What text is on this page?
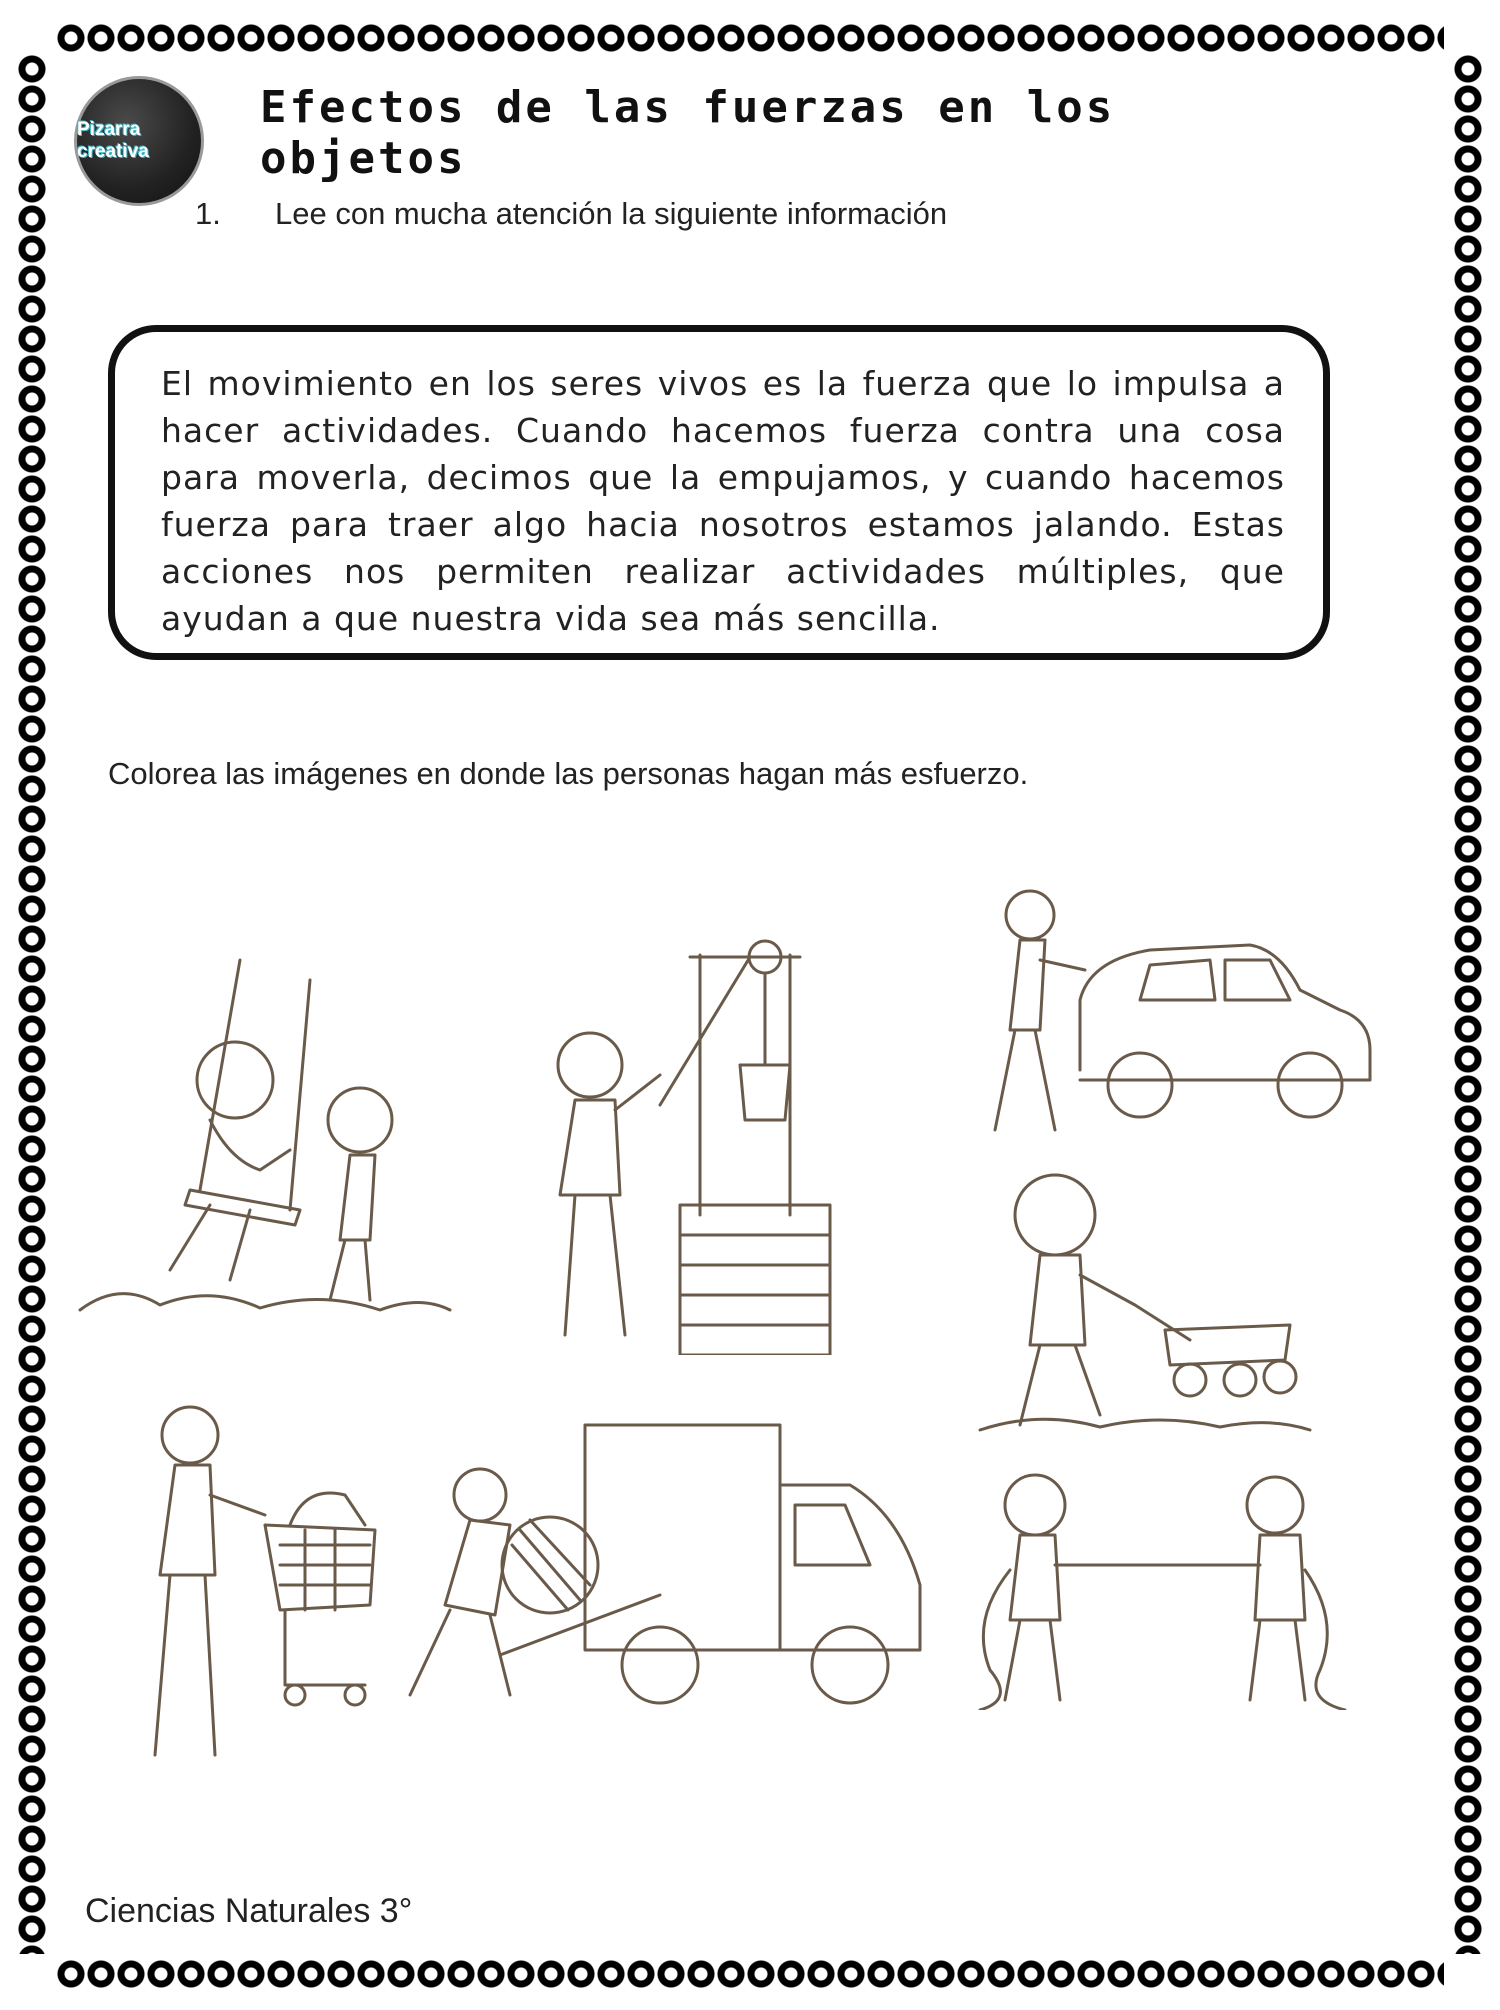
Pizarra creativa
Efectos de las fuerzas en los objetos
1. Lee con mucha atención la siguiente información

El movimiento en los seres vivos es la fuerza que lo impulsa a hacer actividades. Cuando hacemos fuerza contra una cosa para moverla, decimos que la empujamos, y cuando hacemos fuerza para traer algo hacia nosotros estamos jalando. Estas acciones nos permiten realizar actividades múltiples, que ayudan a que nuestra vida sea más sencilla.

Colorea las imágenes en donde las personas hagan más esfuerzo.
Ciencias Naturales 3°
